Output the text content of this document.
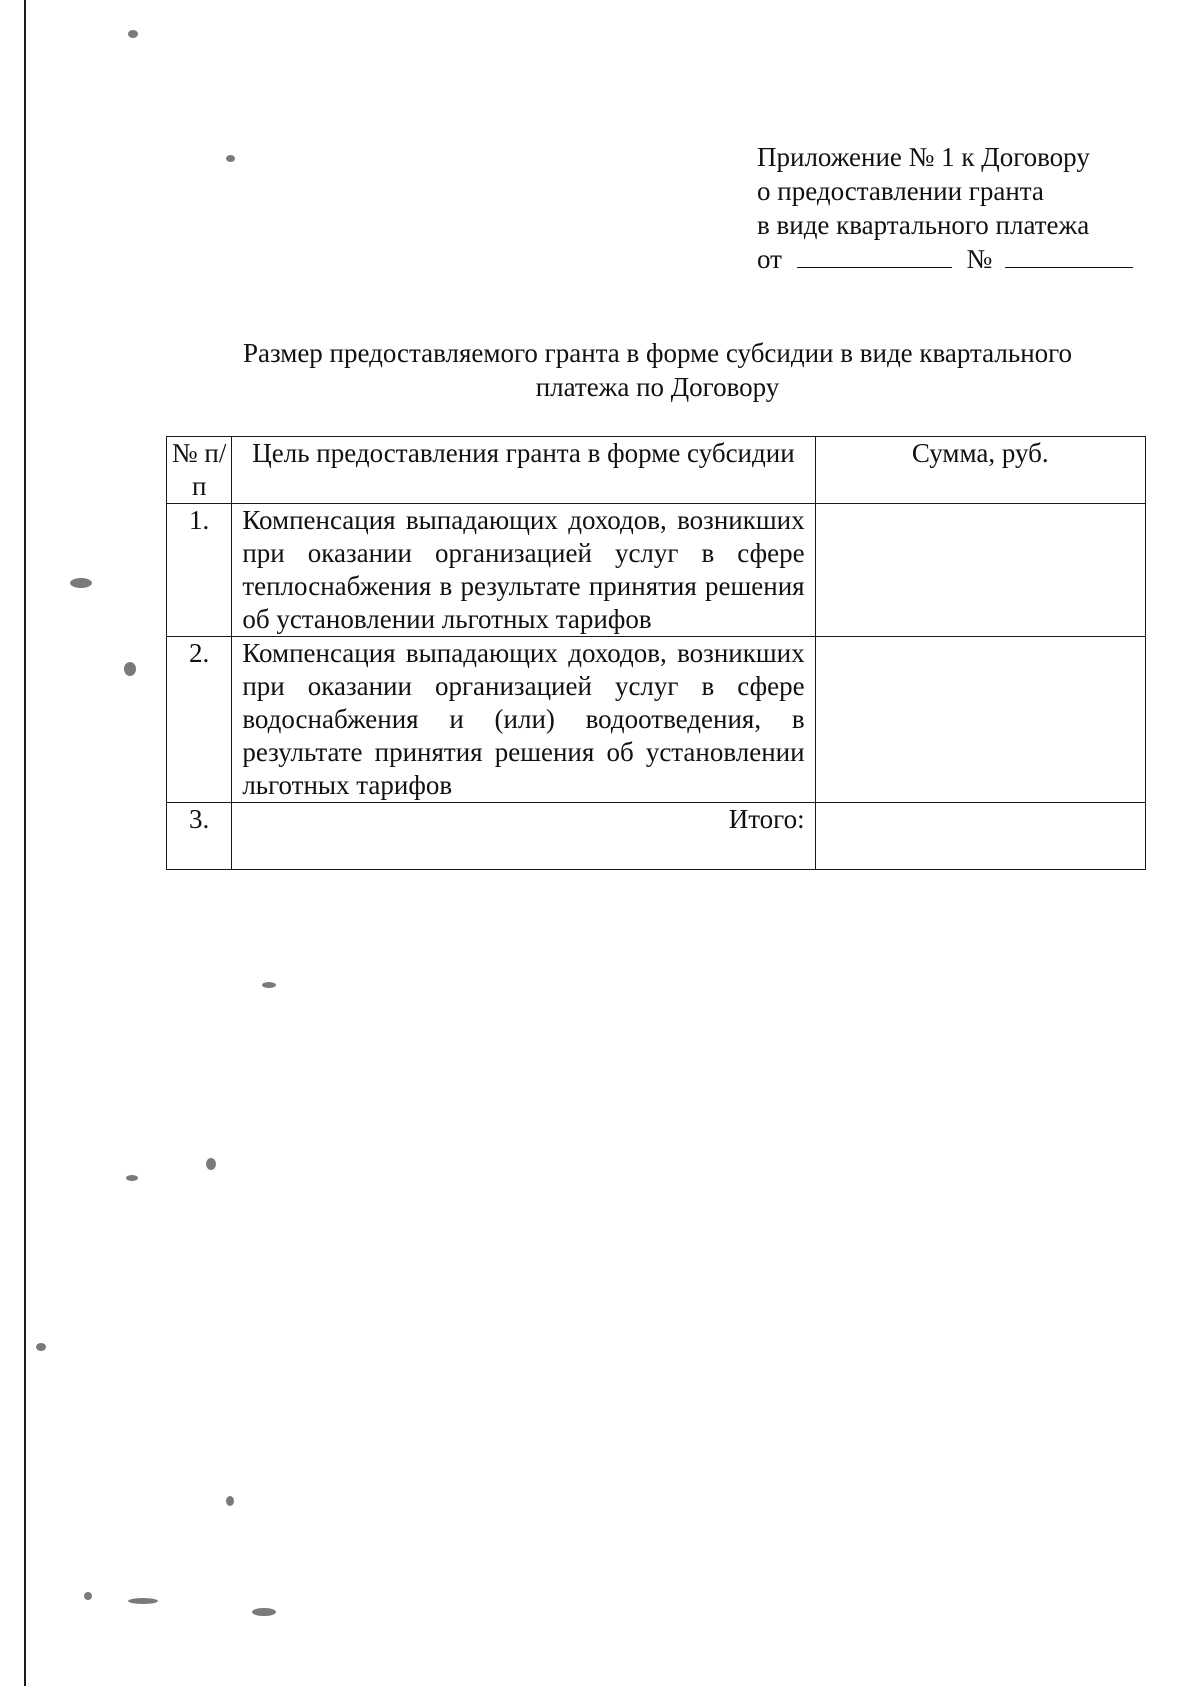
Приложение № 1 к Договору
о предоставлении гранта
в виде квартального платежа
от	№
Размер предоставляемого гранта в форме субсидии в виде квартального
платежа по Договору
№ п/п	Цель предоставления гранта в форме субсидии	Сумма, руб.
1.	Компенсация выпадающих доходов, возникших при оказании организацией услуг в сфере теплоснабжения в результате принятия решения об установлении льготных тарифов	
2.	Компенсация выпадающих доходов, возникших при оказании организацией услуг в сфере водоснабжения и (или) водоотведения, в результате принятия решения об установлении льготных тарифов	
3.	Итого:	
